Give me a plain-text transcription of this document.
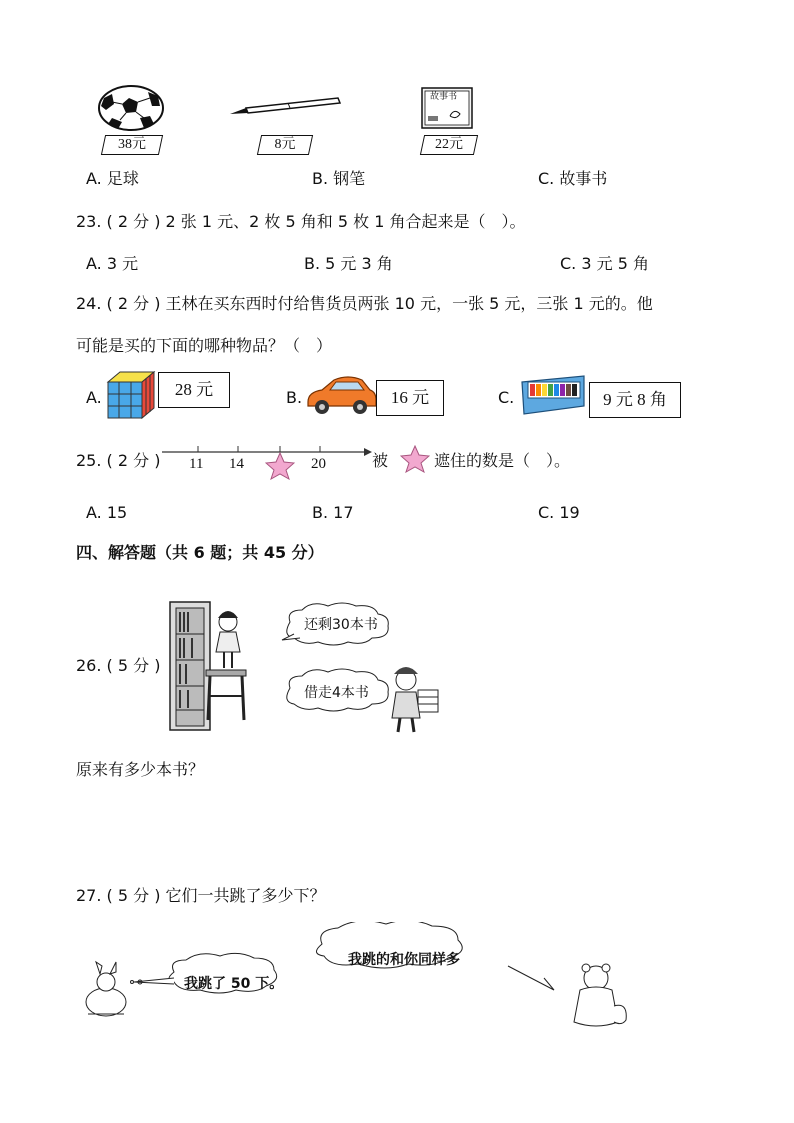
38元	8元
故事书
22元
A. 足球	B. 钢笔	C. 故事书
23. ( 2 分 ) 2 张 1 元、2 枚 5 角和 5 枚 1 角合起来是（　）。
A. 3 元	B. 5 元 3 角	C. 3 元 5 角
24. ( 2 分 ) 王林在买东西时付给售货员两张 10 元，一张 5 元，三张 1 元的。他
可能是买的下面的哪种物品？（　）
A.	28 元	B.	16 元	C.	9 元 8 角
25. ( 2 分 ) 11 14	20	被	遮住的数是（　）。
A. 15	B. 17	C. 19
四、解答题（共 6 题；共 45 分）
26. ( 5 分 )
还剩30本书
借走4本书
原来有多少本书？
27. ( 5 分 ) 它们一共跳了多少下？
我跳了 50 下。
我跳的和你同样多
